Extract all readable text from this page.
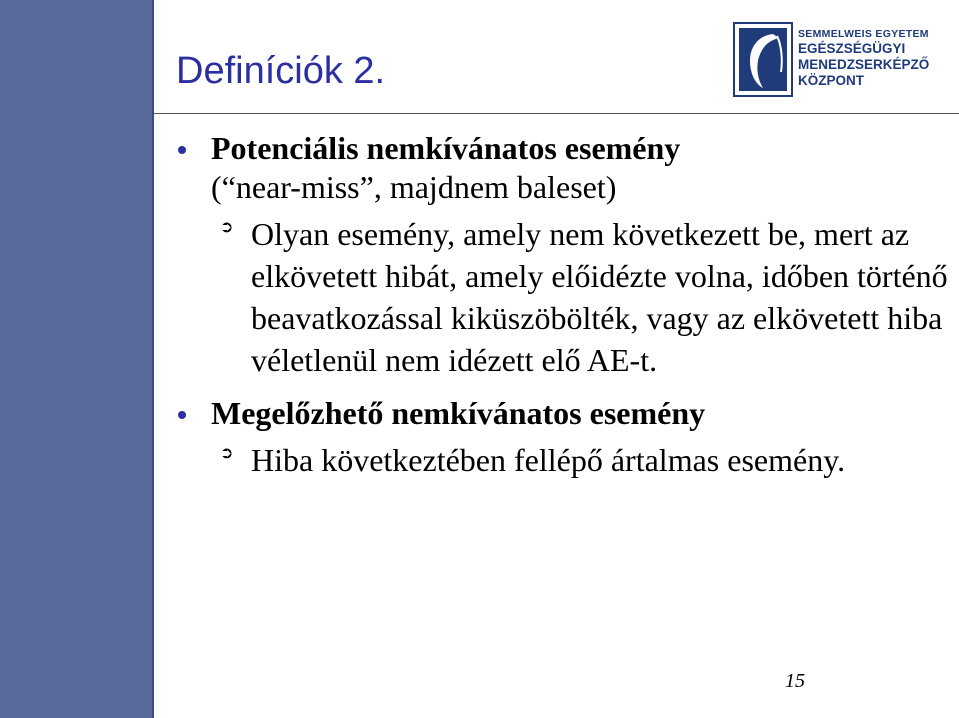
Definíciók 2.
SEMMELWEIS EGYETEM
EGÉSZSÉGÜGYI
MENEDZSERKÉPZŐ
KÖZPONT
Potenciális nemkívánatos esemény
(“near-miss”, majdnem baleset)
➲ Olyan esemény, amely nem következett be, mert az elkövetett hibát, amely előidézte volna, időben történő beavatkozással kiküszöbölték, vagy az elkövetett hiba véletlenül nem idézett elő AE-t.
Megelőzhető nemkívánatos esemény
➲ Hiba következtében fellépő ártalmas esemény.
15
